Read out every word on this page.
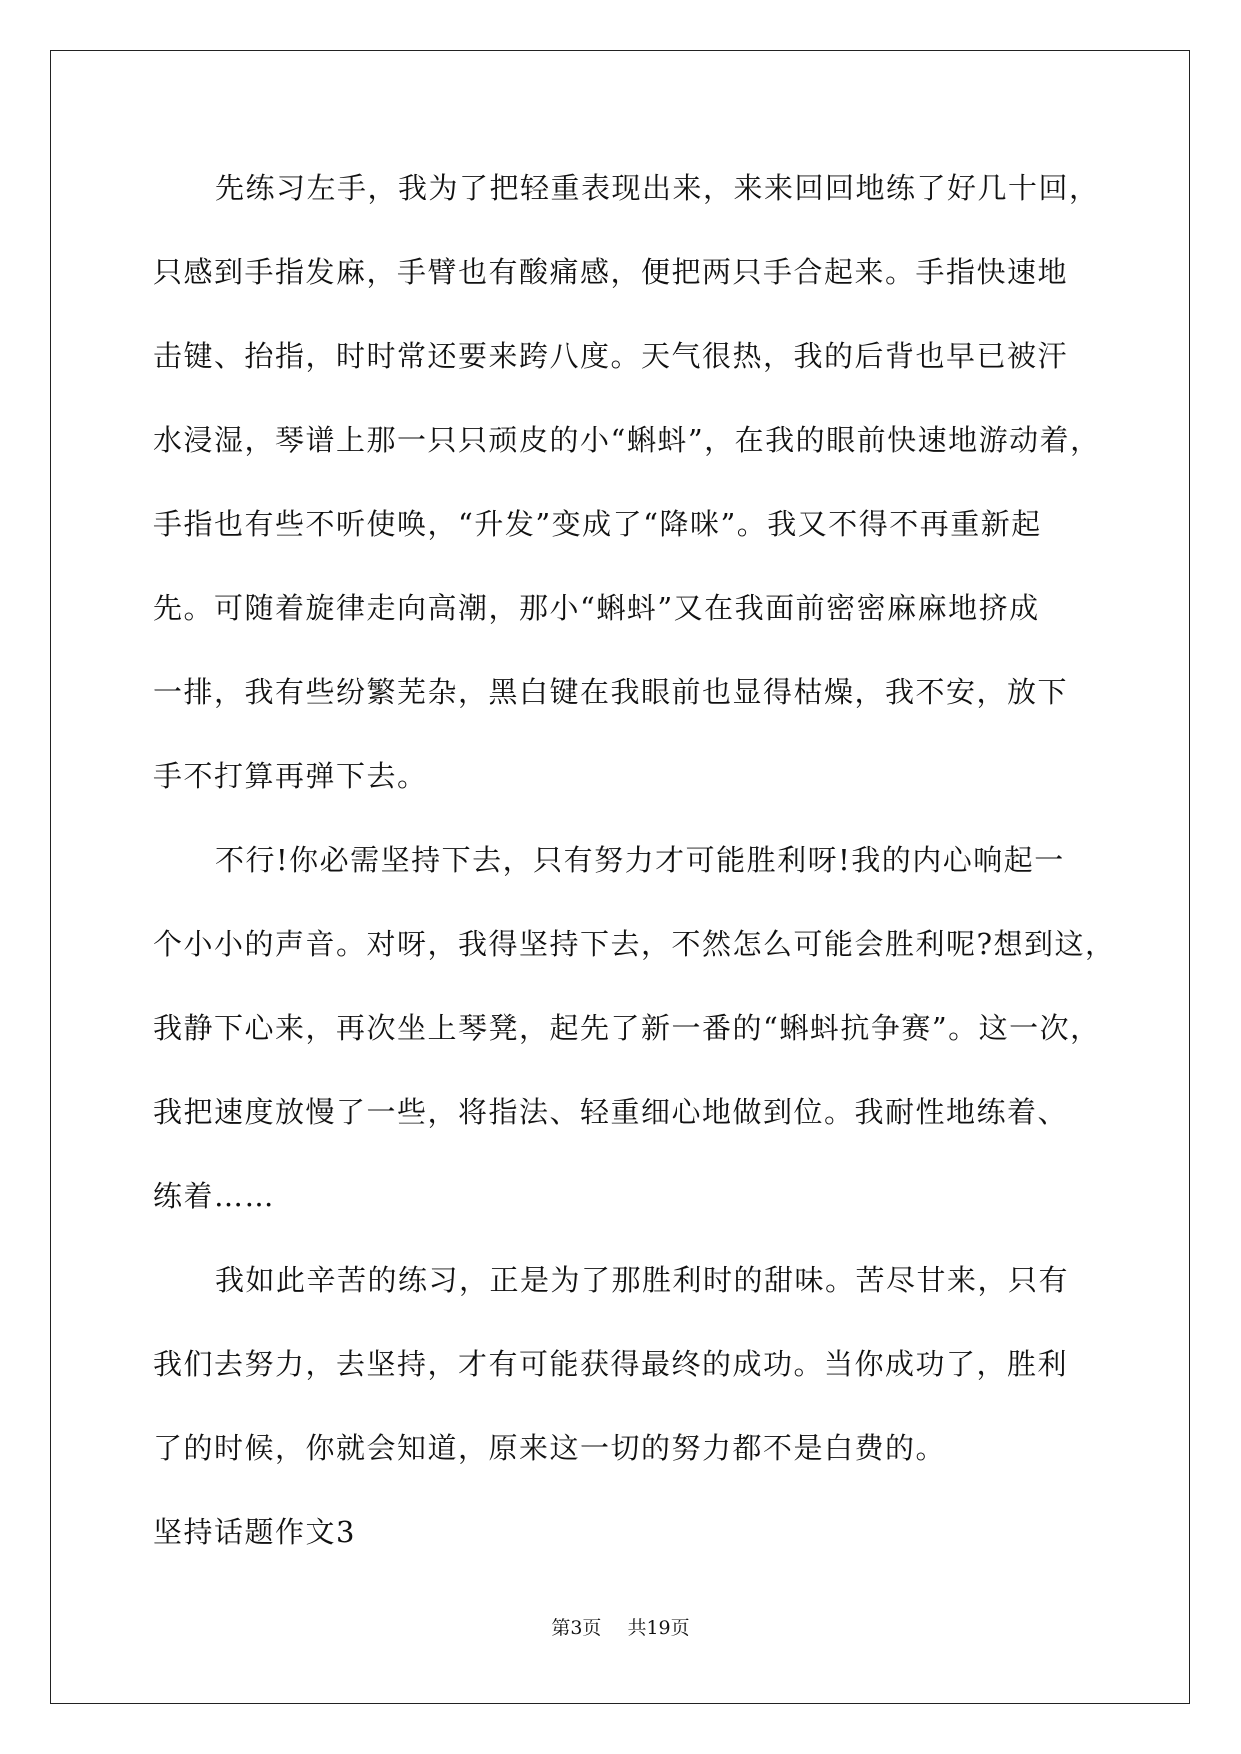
先练习左手，我为了把轻重表现出来，来来回回地练了好几十回，
只感到手指发麻，手臂也有酸痛感，便把两只手合起来。手指快速地
击键、抬指，时时常还要来跨八度。天气很热，我的后背也早已被汗
水浸湿，琴谱上那一只只顽皮的小“蝌蚪”，在我的眼前快速地游动着，
手指也有些不听使唤，“升发”变成了“降咪”。我又不得不再重新起
先。可随着旋律走向高潮，那小“蝌蚪”又在我面前密密麻麻地挤成
一排，我有些纷繁芜杂，黑白键在我眼前也显得枯燥，我不安，放下
手不打算再弹下去。
不行!你必需坚持下去，只有努力才可能胜利呀!我的内心响起一
个小小的声音。对呀，我得坚持下去，不然怎么可能会胜利呢?想到这，
我静下心来，再次坐上琴凳，起先了新一番的“蝌蚪抗争赛”。这一次，
我把速度放慢了一些，将指法、轻重细心地做到位。我耐性地练着、
练着……
我如此辛苦的练习，正是为了那胜利时的甜味。苦尽甘来，只有
我们去努力，去坚持，才有可能获得最终的成功。当你成功了，胜利
了的时候，你就会知道，原来这一切的努力都不是白费的。
坚持话题作文3
第3页 共19页
